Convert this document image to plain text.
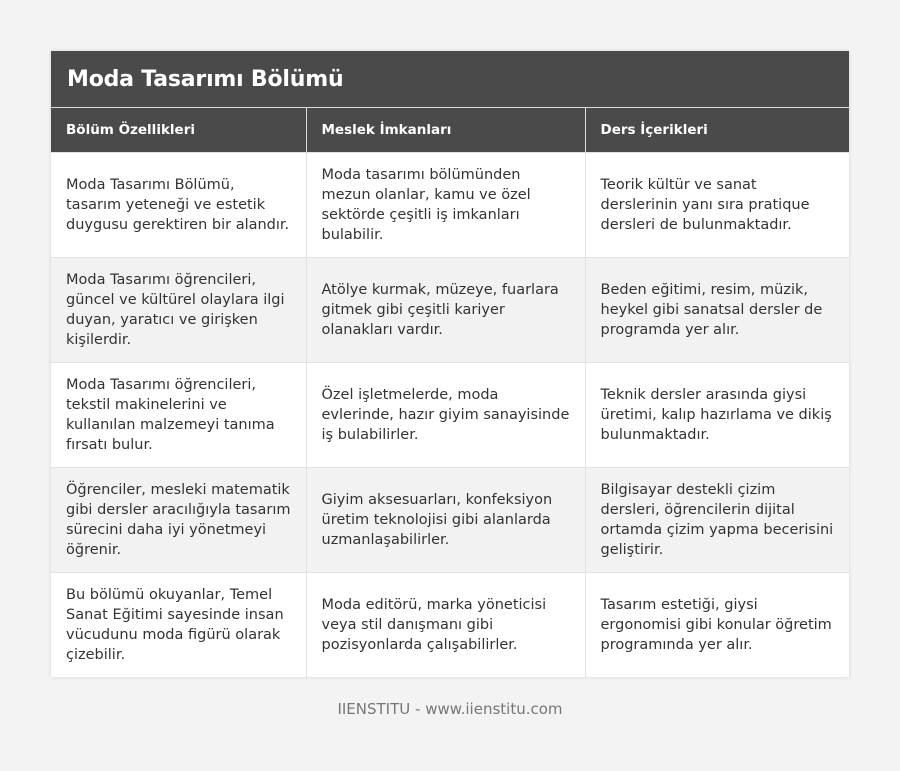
Moda Tasarımı Bölümü
Bölüm Özellikleri	Meslek İmkanları	Ders İçerikleri
Moda Tasarımı Bölümü, tasarım yeteneği ve estetik duygusu gerektiren bir alandır.	Moda tasarımı bölümünden mezun olanlar, kamu ve özel sektörde çeşitli iş imkanları bulabilir.	Teorik kültür ve sanat derslerinin yanı sıra pratique dersleri de bulunmaktadır.
Moda Tasarımı öğrencileri, güncel ve kültürel olaylara ilgi duyan, yaratıcı ve girişken kişilerdir.	Atölye kurmak, müzeye, fuarlara gitmek gibi çeşitli kariyer olanakları vardır.	Beden eğitimi, resim, müzik, heykel gibi sanatsal dersler de programda yer alır.
Moda Tasarımı öğrencileri, tekstil makinelerini ve kullanılan malzemeyi tanıma fırsatı bulur.	Özel işletmelerde, moda evlerinde, hazır giyim sanayisinde iş bulabilirler.	Teknik dersler arasında giysi üretimi, kalıp hazırlama ve dikiş bulunmaktadır.
Öğrenciler, mesleki matematik gibi dersler aracılığıyla tasarım sürecini daha iyi yönetmeyi öğrenir.	Giyim aksesuarları, konfeksiyon üretim teknolojisi gibi alanlarda uzmanlaşabilirler.	Bilgisayar destekli çizim dersleri, öğrencilerin dijital ortamda çizim yapma becerisini geliştirir.
Bu bölümü okuyanlar, Temel Sanat Eğitimi sayesinde insan vücudunu moda figürü olarak çizebilir.	Moda editörü, marka yöneticisi veya stil danışmanı gibi pozisyonlarda çalışabilirler.	Tasarım estetiği, giysi ergonomisi gibi konular öğretim programında yer alır.
IIENSTITU - www.iienstitu.com
